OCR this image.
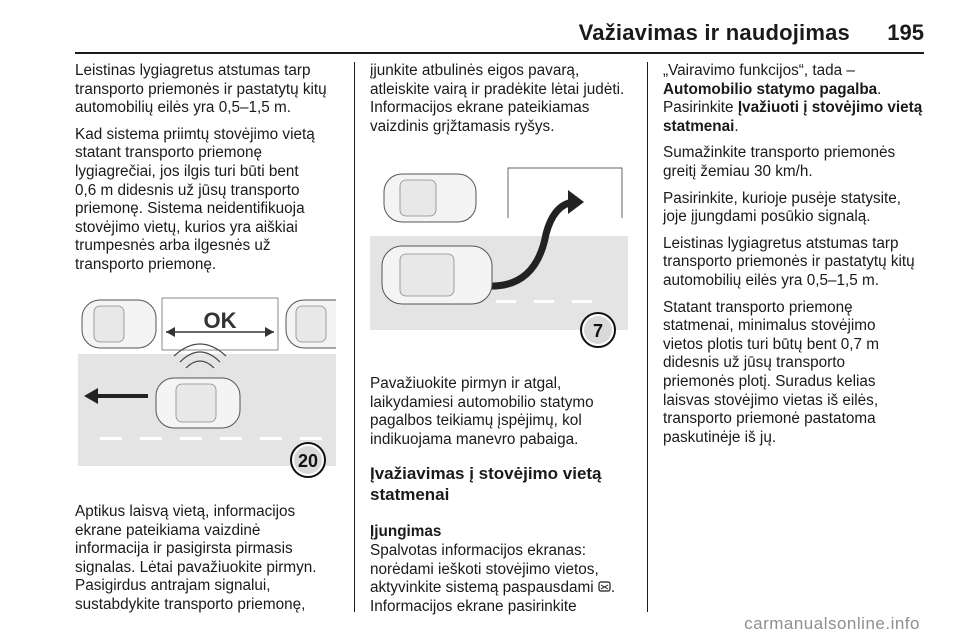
Važiavimas ir naudojimas 195

Leistinas lygiagretus atstumas tarp
transporto priemonės ir pastatytų kitų
automobilių eilės yra 0,5–1,5 m.

Kad sistema priimtų stovėjimo vietą
statant transporto priemonę
lygiagrečiai, jos ilgis turi būti bent
0,6 m didesnis už jūsų transporto
priemonę. Sistema neidentifikuoja
stovėjimo vietų, kurios yra aiškiai
trumpesnės arba ilgesnės už
transporto priemonę.

OK
20

Aptikus laisvą vietą, informacijos
ekrane pateikiama vaizdinė
informacija ir pasigirsta pirmasis
signalas. Lėtai pavažiuokite pirmyn.
Pasigirdus antrajam signalui,
sustabdykite transporto priemonę,

įjunkite atbulinės eigos pavarą,
atleiskite vairą ir pradėkite lėtai judėti.
Informacijos ekrane pateikiamas
vaizdinis grįžtamasis ryšys.

7

Pavažiuokite pirmyn ir atgal,
laikydamiesi automobilio statymo
pagalbos teikiamų įspėjimų, kol
indikuojama manevro pabaiga.

Įvažiavimas į stovėjimo vietą
statmenai

Įjungimas

Spalvotas informacijos ekranas:
norėdami ieškoti stovėjimo vietos,
aktyvinkite sistemą paspausdami .
Informacijos ekrane pasirinkite

„Vairavimo funkcijos“, tada –
Automobilio statymo pagalba.
Pasirinkite Įvažiuoti į stovėjimo vietą
statmenai.

Sumažinkite transporto priemonės
greitį žemiau 30 km/h.

Pasirinkite, kurioje pusėje statysite,
joje įjungdami posūkio signalą.

Leistinas lygiagretus atstumas tarp
transporto priemonės ir pastatytų kitų
automobilių eilės yra 0,5–1,5 m.

Statant transporto priemonę
statmenai, minimalus stovėjimo
vietos plotis turi būtų bent 0,7 m
didesnis už jūsų transporto
priemonės plotį. Suradus kelias
laisvas stovėjimo vietas iš eilės,
transporto priemonė pastatoma
paskutinėje iš jų.

carmanualsonline.info
